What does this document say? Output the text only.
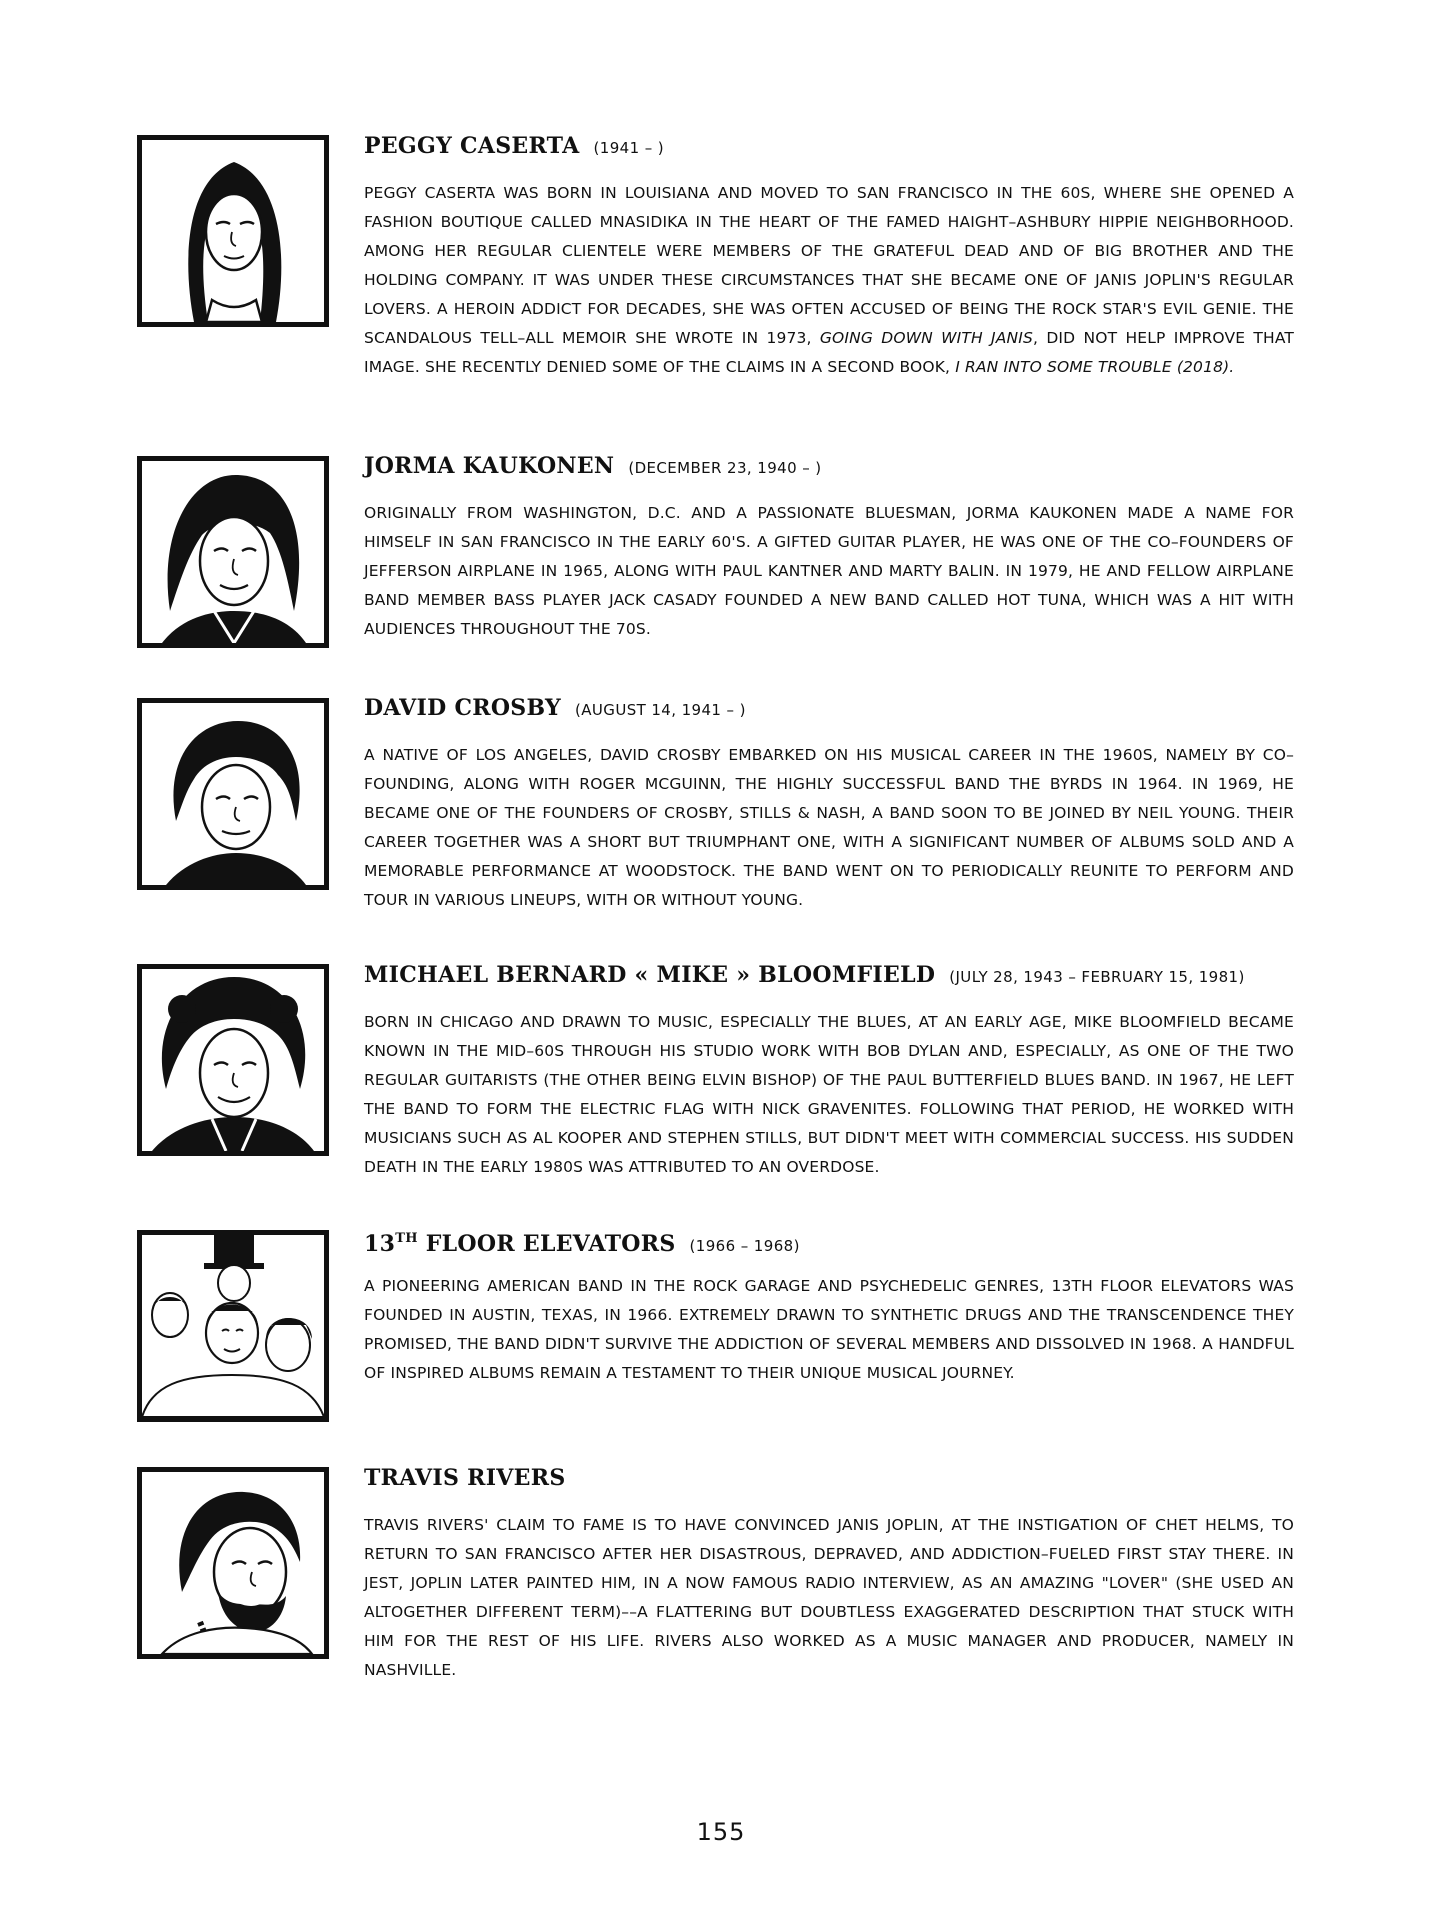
PEGGY CASERTA (1941 – )
PEGGY CASERTA WAS BORN IN LOUISIANA AND MOVED TO SAN FRANCISCO IN THE 60S, WHERE SHE OPENED A FASHION BOUTIQUE CALLED MNASIDIKA IN THE HEART OF THE FAMED HAIGHT–ASHBURY HIPPIE NEIGHBORHOOD. AMONG HER REGULAR CLIENTELE WERE MEMBERS OF THE GRATEFUL DEAD AND OF BIG BROTHER AND THE HOLDING COMPANY. IT WAS UNDER THESE CIRCUMSTANCES THAT SHE BECAME ONE OF JANIS JOPLIN'S REGULAR LOVERS. A HEROIN ADDICT FOR DECADES, SHE WAS OFTEN ACCUSED OF BEING THE ROCK STAR'S EVIL GENIE. THE SCANDALOUS TELL–ALL MEMOIR SHE WROTE IN 1973, GOING DOWN WITH JANIS, DID NOT HELP IMPROVE THAT IMAGE. SHE RECENTLY DENIED SOME OF THE CLAIMS IN A SECOND BOOK, I RAN INTO SOME TROUBLE (2018).
JORMA KAUKONEN (DECEMBER 23, 1940 – )
ORIGINALLY FROM WASHINGTON, D.C. AND A PASSIONATE BLUESMAN, JORMA KAUKONEN MADE A NAME FOR HIMSELF IN SAN FRANCISCO IN THE EARLY 60'S. A GIFTED GUITAR PLAYER, HE WAS ONE OF THE CO–FOUNDERS OF JEFFERSON AIRPLANE IN 1965, ALONG WITH PAUL KANTNER AND MARTY BALIN. IN 1979, HE AND FELLOW AIRPLANE BAND MEMBER BASS PLAYER JACK CASADY FOUNDED A NEW BAND CALLED HOT TUNA, WHICH WAS A HIT WITH AUDIENCES THROUGHOUT THE 70S.
DAVID CROSBY (AUGUST 14, 1941 – )
A NATIVE OF LOS ANGELES, DAVID CROSBY EMBARKED ON HIS MUSICAL CAREER IN THE 1960S, NAMELY BY CO–FOUNDING, ALONG WITH ROGER MCGUINN, THE HIGHLY SUCCESSFUL BAND THE BYRDS IN 1964. IN 1969, HE BECAME ONE OF THE FOUNDERS OF CROSBY, STILLS & NASH, A BAND SOON TO BE JOINED BY NEIL YOUNG. THEIR CAREER TOGETHER WAS A SHORT BUT TRIUMPHANT ONE, WITH A SIGNIFICANT NUMBER OF ALBUMS SOLD AND A MEMORABLE PERFORMANCE AT WOODSTOCK. THE BAND WENT ON TO PERIODICALLY REUNITE TO PERFORM AND TOUR IN VARIOUS LINEUPS, WITH OR WITHOUT YOUNG.
MICHAEL BERNARD « MIKE » BLOOMFIELD (JULY 28, 1943 – FEBRUARY 15, 1981)
BORN IN CHICAGO AND DRAWN TO MUSIC, ESPECIALLY THE BLUES, AT AN EARLY AGE, MIKE BLOOMFIELD BECAME KNOWN IN THE MID–60S THROUGH HIS STUDIO WORK WITH BOB DYLAN AND, ESPECIALLY, AS ONE OF THE TWO REGULAR GUITARISTS (THE OTHER BEING ELVIN BISHOP) OF THE PAUL BUTTERFIELD BLUES BAND. IN 1967, HE LEFT THE BAND TO FORM THE ELECTRIC FLAG WITH NICK GRAVENITES. FOLLOWING THAT PERIOD, HE WORKED WITH MUSICIANS SUCH AS AL KOOPER AND STEPHEN STILLS, BUT DIDN'T MEET WITH COMMERCIAL SUCCESS. HIS SUDDEN DEATH IN THE EARLY 1980S WAS ATTRIBUTED TO AN OVERDOSE.
13TH FLOOR ELEVATORS (1966 – 1968)
A PIONEERING AMERICAN BAND IN THE ROCK GARAGE AND PSYCHEDELIC GENRES, 13TH FLOOR ELEVATORS WAS FOUNDED IN AUSTIN, TEXAS, IN 1966. EXTREMELY DRAWN TO SYNTHETIC DRUGS AND THE TRANSCENDENCE THEY PROMISED, THE BAND DIDN'T SURVIVE THE ADDICTION OF SEVERAL MEMBERS AND DISSOLVED IN 1968. A HANDFUL OF INSPIRED ALBUMS REMAIN A TESTAMENT TO THEIR UNIQUE MUSICAL JOURNEY.
TRAVIS RIVERS
TRAVIS RIVERS' CLAIM TO FAME IS TO HAVE CONVINCED JANIS JOPLIN, AT THE INSTIGATION OF CHET HELMS, TO RETURN TO SAN FRANCISCO AFTER HER DISASTROUS, DEPRAVED, AND ADDICTION–FUELED FIRST STAY THERE. IN JEST, JOPLIN LATER PAINTED HIM, IN A NOW FAMOUS RADIO INTERVIEW, AS AN AMAZING "LOVER" (SHE USED AN ALTOGETHER DIFFERENT TERM)––A FLATTERING BUT DOUBTLESS EXAGGERATED DESCRIPTION THAT STUCK WITH HIM FOR THE REST OF HIS LIFE. RIVERS ALSO WORKED AS A MUSIC MANAGER AND PRODUCER, NAMELY IN NASHVILLE.
155
